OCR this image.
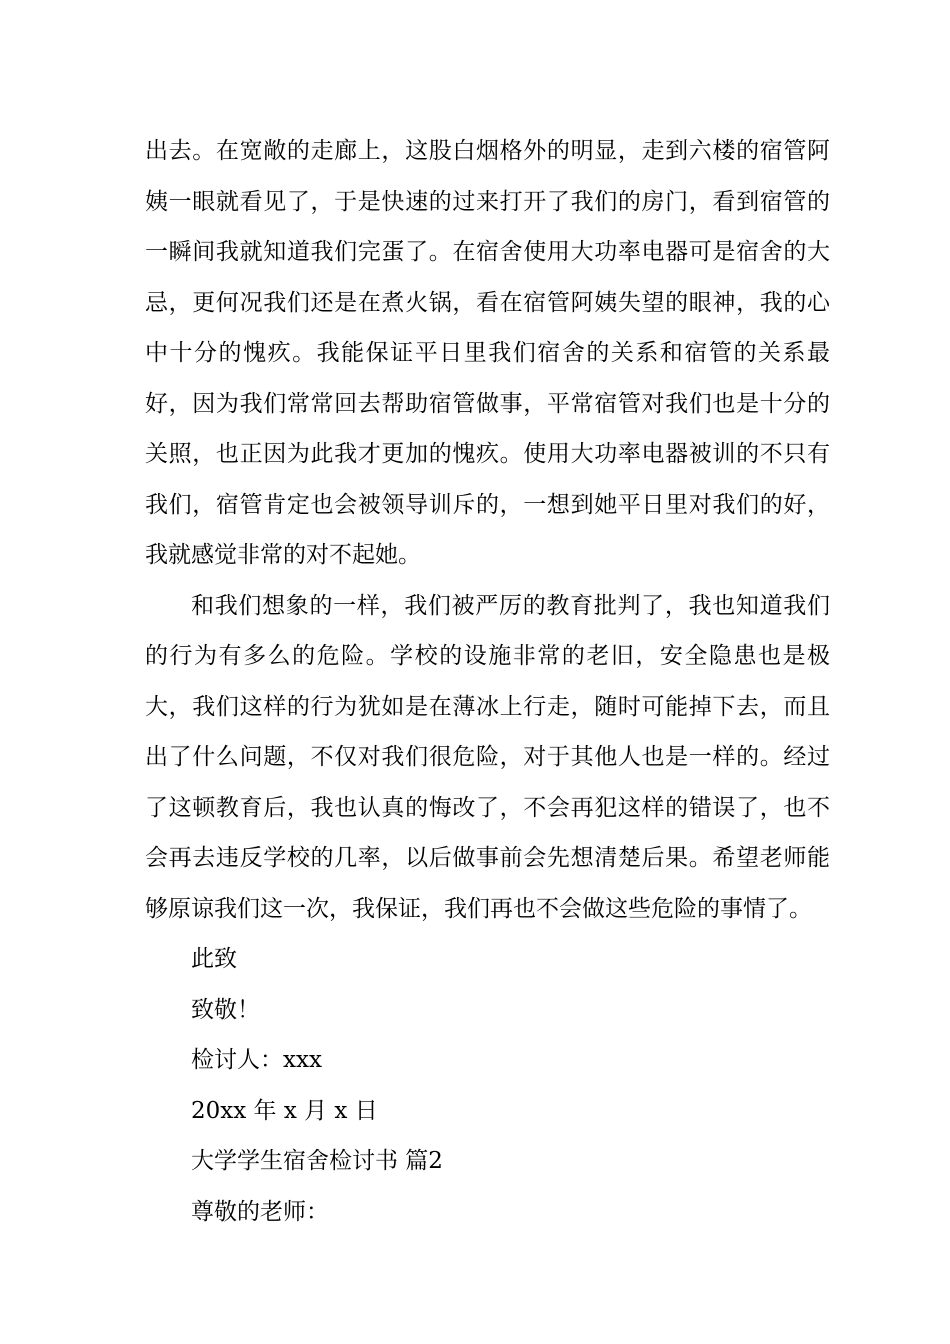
出去。在宽敞的走廊上，这股白烟格外的明显，走到六楼的宿管阿姨一眼就看见了，于是快速的过来打开了我们的房门，看到宿管的一瞬间我就知道我们完蛋了。在宿舍使用大功率电器可是宿舍的大忌，更何况我们还是在煮火锅，看在宿管阿姨失望的眼神，我的心中十分的愧疚。我能保证平日里我们宿舍的关系和宿管的关系最好，因为我们常常回去帮助宿管做事，平常宿管对我们也是十分的关照，也正因为此我才更加的愧疚。使用大功率电器被训的不只有我们，宿管肯定也会被领导训斥的，一想到她平日里对我们的好，我就感觉非常的对不起她。

和我们想象的一样，我们被严厉的教育批判了，我也知道我们的行为有多么的危险。学校的设施非常的老旧，安全隐患也是极大，我们这样的行为犹如是在薄冰上行走，随时可能掉下去，而且出了什么问题，不仅对我们很危险，对于其他人也是一样的。经过了这顿教育后，我也认真的悔改了，不会再犯这样的错误了，也不会再去违反学校的几率，以后做事前会先想清楚后果。希望老师能够原谅我们这一次，我保证，我们再也不会做这些危险的事情了。

此致

致敬！

检讨人：xxx

20xx 年 x 月 x 日

大学学生宿舍检讨书 篇2

尊敬的老师：
